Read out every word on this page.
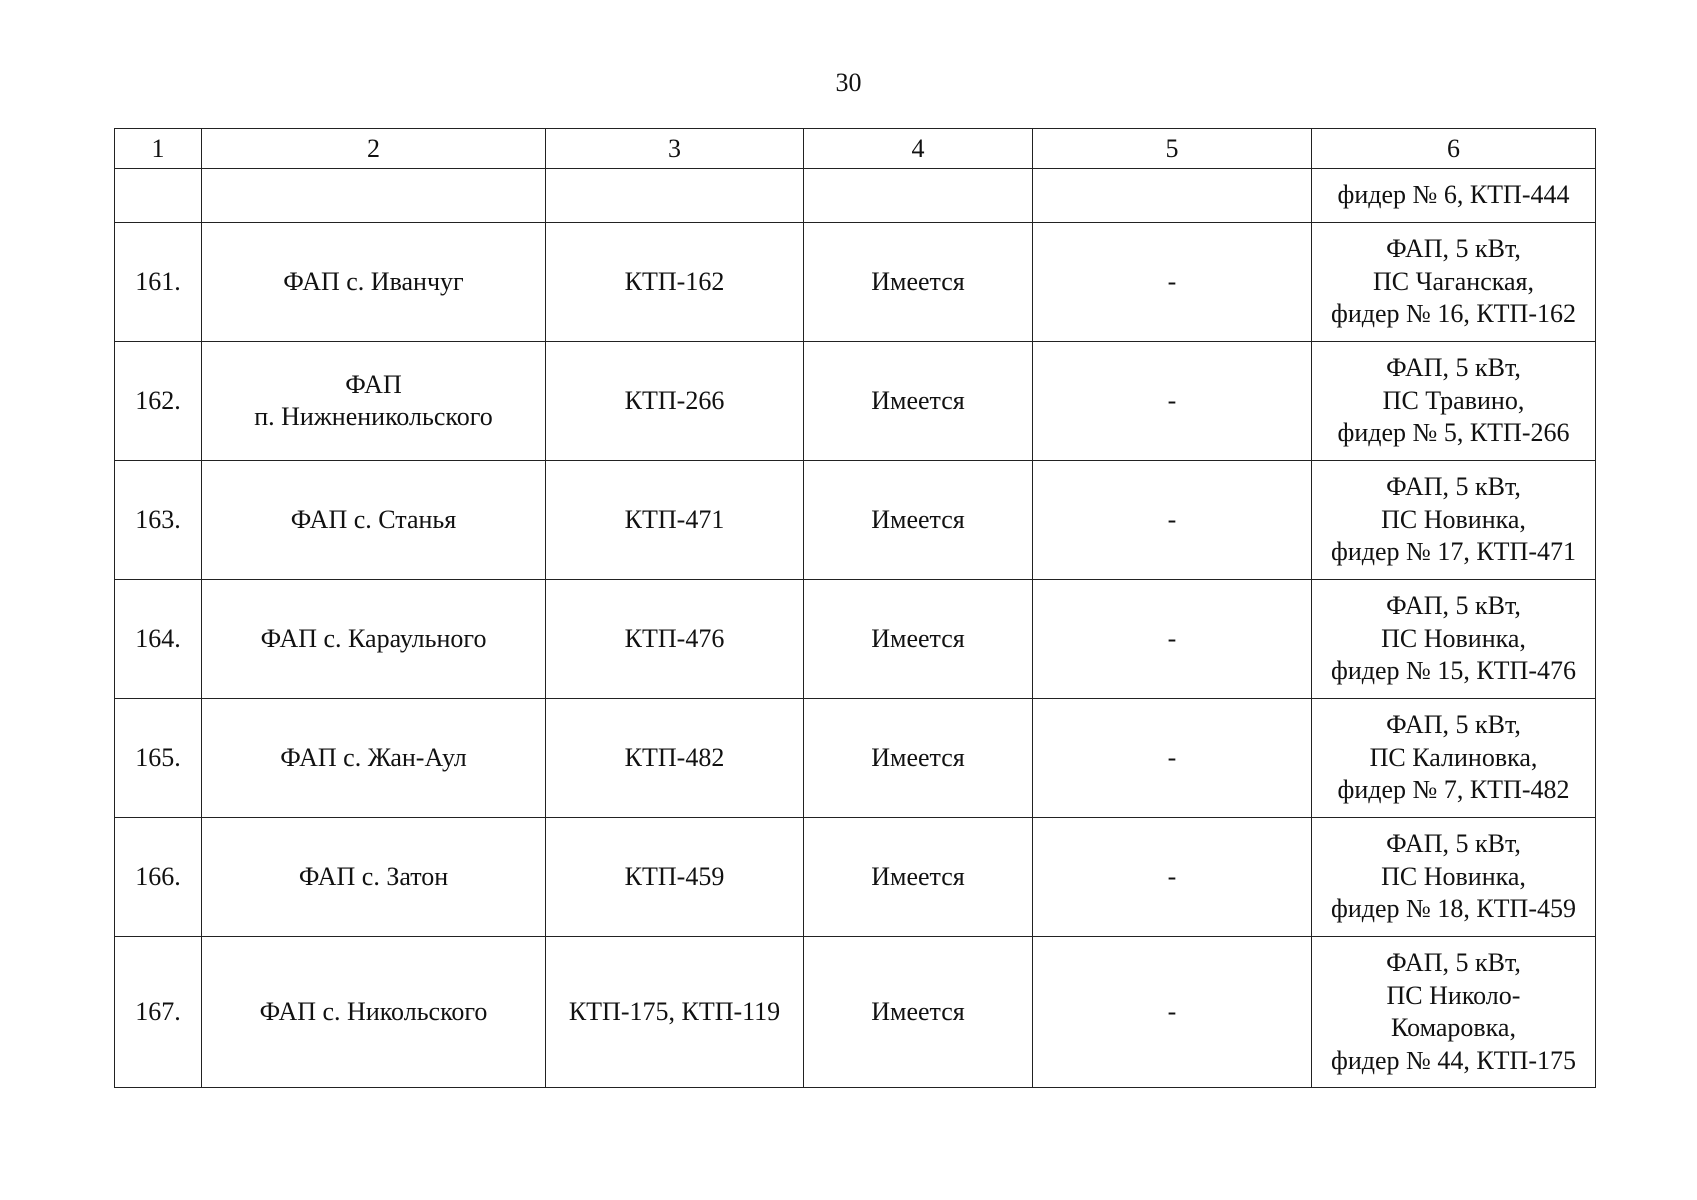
30
1	2	3	4	5	6

					фидер № 6, КТП-444

161.	ФАП с. Иванчуг	КТП-162	Имеется	-	ФАП, 5 кВт,
ПС Чаганская,
фидер № 16, КТП-162

162.	ФАП
п. Нижненикольского	КТП-266	Имеется	-	ФАП, 5 кВт,
ПС Травино,
фидер № 5, КТП-266

163.	ФАП с. Станья	КТП-471	Имеется	-	ФАП, 5 кВт,
ПС Новинка,
фидер № 17, КТП-471

164.	ФАП с. Караульного	КТП-476	Имеется	-	ФАП, 5 кВт,
ПС Новинка,
фидер № 15, КТП-476

165.	ФАП с. Жан-Аул	КТП-482	Имеется	-	ФАП, 5 кВт,
ПС Калиновка,
фидер № 7, КТП-482

166.	ФАП с. Затон	КТП-459	Имеется	-	ФАП, 5 кВт,
ПС Новинка,
фидер № 18, КТП-459

167.	ФАП с. Никольского	КТП-175, КТП-119	Имеется	-	ФАП, 5 кВт,
ПС Николо-
Комаровка,
фидер № 44, КТП-175
